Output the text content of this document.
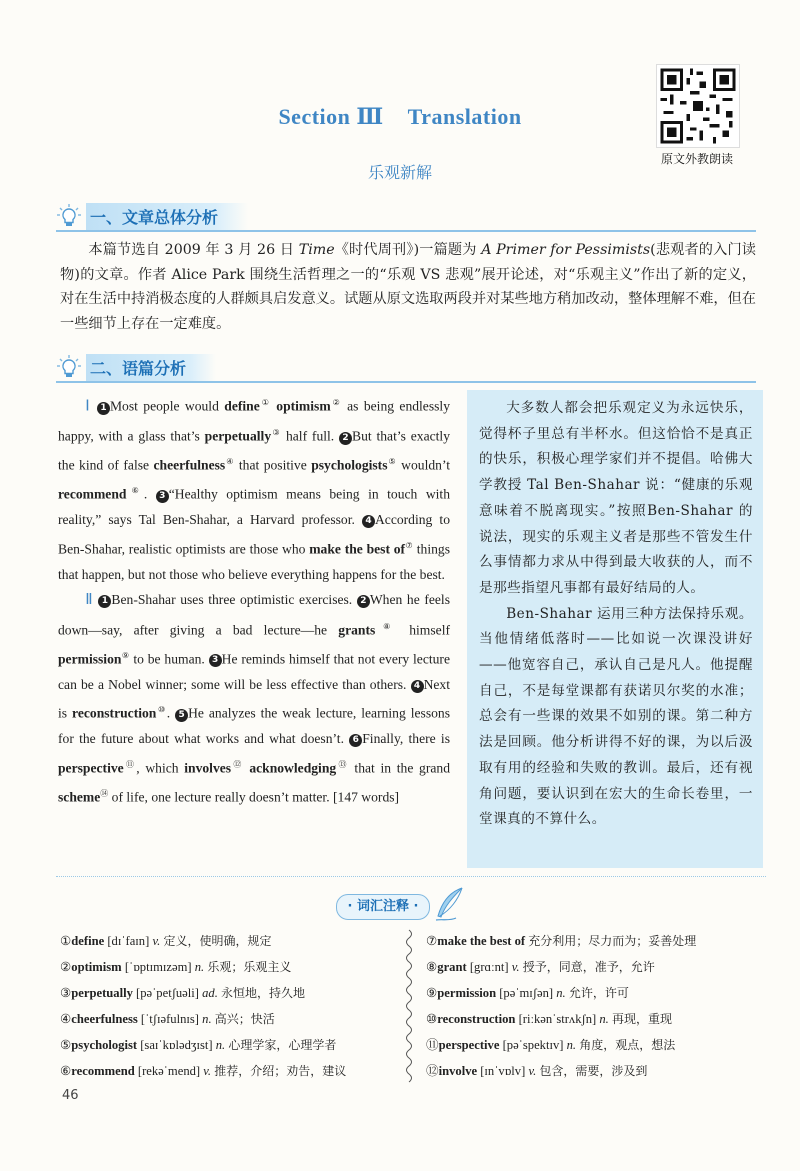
Section Ⅲ Translation
乐观新解
原文外教朗读
一、文章总体分析
本篇节选自 2009 年 3 月 26 日 Time《时代周刊》)一篇题为 A Primer for Pessimists(悲观者的入门读物)的文章。作者 Alice Park 围绕生活哲理之一的“乐观 VS 悲观”展开论述，对“乐观主义”作出了新的定义，对在生活中持消极态度的人群颇具启发意义。试题从原文选取两段并对某些地方稍加改动，整体理解不难，但在一些细节上存在一定难度。
二、语篇分析

Ⅰ 1 Most people would define① optimism② as being endlessly happy, with a glass that’s perpetually③ half full. 2 But that’s exactly the kind of false cheerfulness④ that positive psychologists⑤ wouldn’t recommend⑥. 3 “Healthy optimism means being in touch with reality,” says Tal Ben-Shahar, a Harvard professor. 4 According to Ben-Shahar, realistic optimists are those who make the best of⑦ things that happen, but not those who believe everything happens for the best.

Ⅱ 1 Ben-Shahar uses three optimistic exercises. 2 When he feels down—say, after giving a bad lecture—he grants⑧ himself permission⑨ to be human. 3 He reminds himself that not every lecture can be a Nobel winner; some will be less effective than others. 4 Next is reconstruction⑩. 5 He analyzes the weak lecture, learning lessons for the future about what works and what doesn’t. 6 Finally, there is perspective⑪, which involves⑫ acknowledging⑬ that in the grand scheme⑭ of life, one lecture really doesn’t matter. [147 words]

大多数人都会把乐观定义为永远快乐，觉得杯子里总有半杯水。但这恰恰不是真正的快乐，积极心理学家们并不提倡。哈佛大学教授 Tal Ben-Shahar 说：“健康的乐观意味着不脱离现实。”按照Ben-Shahar 的说法，现实的乐观主义者是那些不管发生什么事情都力求从中得到最大收获的人，而不是那些指望凡事都有最好结局的人。

Ben-Shahar 运用三种方法保持乐观。当他情绪低落时——比如说一次课没讲好——他宽容自己，承认自己是凡人。他提醒自己，不是每堂课都有获诺贝尔奖的水准；总会有一些课的效果不如别的课。第二种方法是回顾。他分析讲得不好的课，为以后汲取有用的经验和失败的教训。最后，还有视角问题，要认识到在宏大的生命长卷里，一堂课真的不算什么。

· 词汇注释 ·
①define [dɪˈfaɪn] v. 定义，使明确，规定
②optimism [ˈɒptɪmɪzəm] n. 乐观；乐观主义
③perpetually [pəˈpetʃuəli] ad. 永恒地，持久地
④cheerfulness [ˈtʃɪəfulnɪs] n. 高兴；快活
⑤psychologist [saɪˈkɒlədʒɪst] n. 心理学家，心理学者
⑥recommend [rekəˈmend] v. 推荐，介绍；劝告，建议
⑦make the best of 充分利用；尽力而为；妥善处理
⑧grant [grɑːnt] v. 授予，同意，准予，允许
⑨permission [pəˈmɪʃən] n. 允许，许可
⑩reconstruction [riːkənˈstrʌkʃn] n. 再现，重现
⑪perspective [pəˈspektɪv] n. 角度，观点，想法
⑫involve [ɪnˈvɒlv] v. 包含，需要，涉及到
46
